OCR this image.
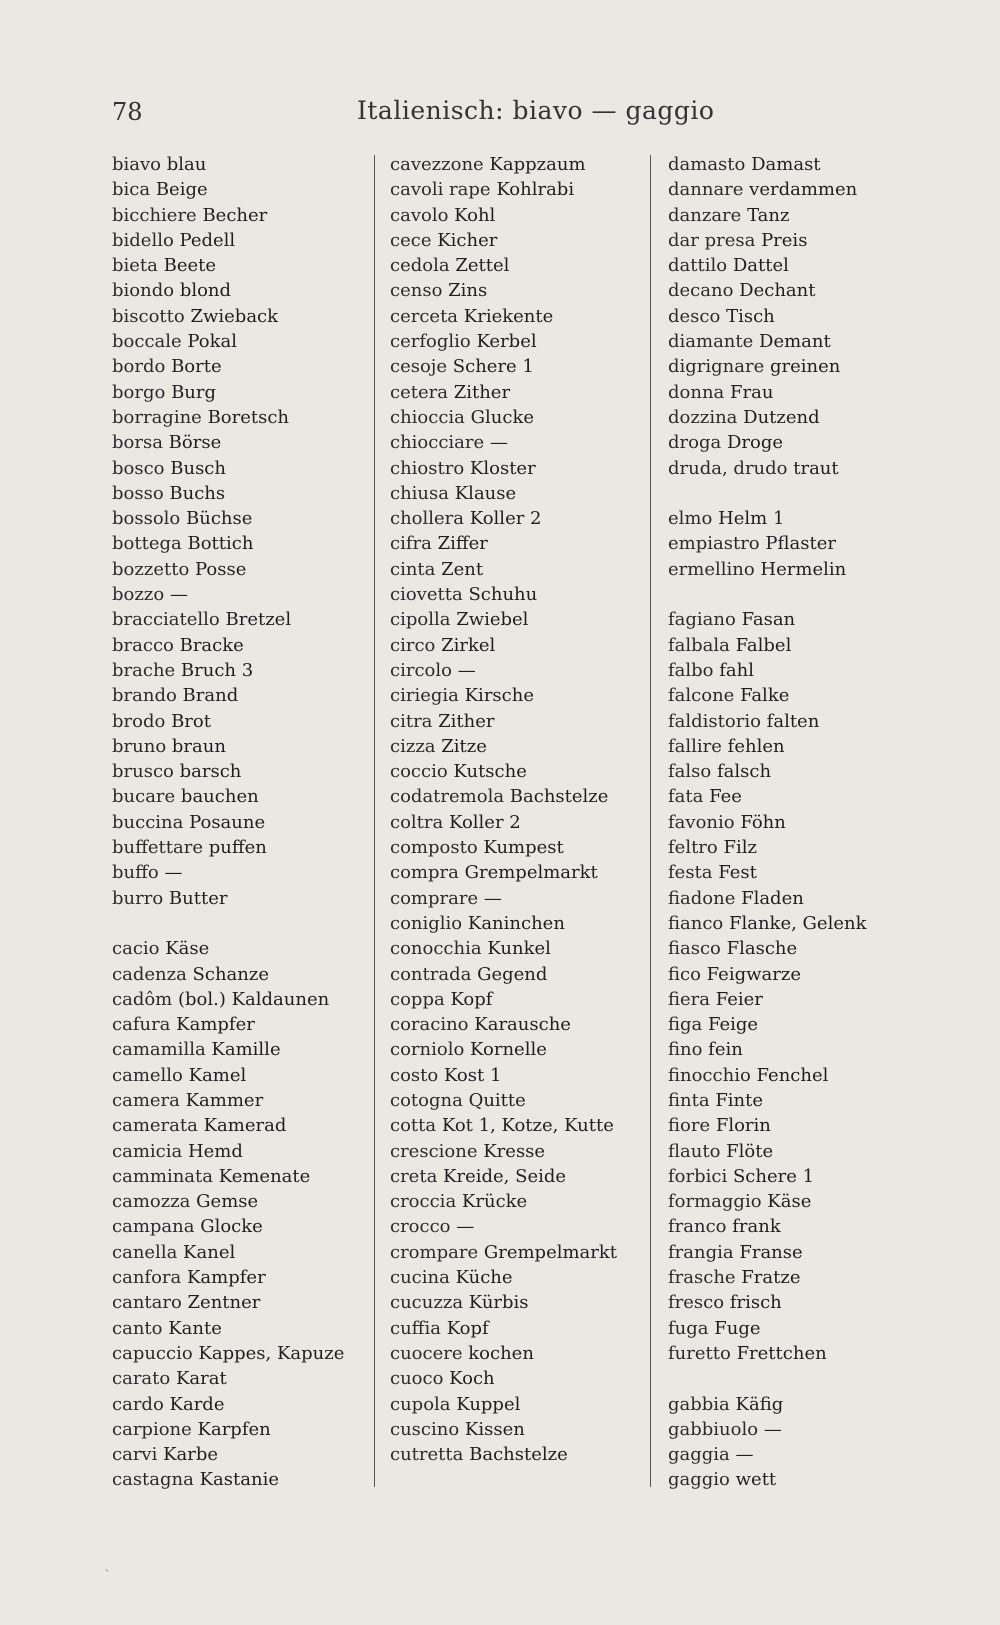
78	Italienisch: biavo — gaggio
biavo blau
bica Beige
bicchiere Becher
bidello Pedell
bieta Beete
biondo blond
biscotto Zwieback
boccale Pokal
bordo Borte
borgo Burg
borragine Boretsch
borsa Börse
bosco Busch
bosso Buchs
bossolo Büchse
bottega Bottich
bozzetto Posse
bozzo —
bracciatello Bretzel
bracco Bracke
brache Bruch 3
brando Brand
brodo Brot
bruno braun
brusco barsch
bucare bauchen
buccina Posaune
buffettare puffen
buffo —
burro Butter
cacio Käse
cadenza Schanze
cadôm (bol.) Kaldaunen
cafura Kampfer
camamilla Kamille
camello Kamel
camera Kammer
camerata Kamerad
camicia Hemd
camminata Kemenate
camozza Gemse
campana Glocke
canella Kanel
canfora Kampfer
cantaro Zentner
canto Kante
capuccio Kappes, Kapuze
carato Karat
cardo Karde
carpione Karpfen
carvi Karbe
castagna Kastanie
cavezzone Kappzaum
cavoli rape Kohlrabi
cavolo Kohl
cece Kicher
cedola Zettel
censo Zins
cerceta Kriekente
cerfoglio Kerbel
cesoje Schere 1
cetera Zither
chioccia Glucke
chiocciare —
chiostro Kloster
chiusa Klause
chollera Koller 2
cifra Ziffer
cinta Zent
ciovetta Schuhu
cipolla Zwiebel
circo Zirkel
circolo —
ciriegia Kirsche
citra Zither
cizza Zitze
coccio Kutsche
codatremola Bachstelze
coltra Koller 2
composto Kumpest
compra Grempelmarkt
comprare —
coniglio Kaninchen
conocchia Kunkel
contrada Gegend
coppa Kopf
coracino Karausche
corniolo Kornelle
costo Kost 1
cotogna Quitte
cotta Kot 1, Kotze, Kutte
crescione Kresse
creta Kreide, Seide
croccia Krücke
crocco —
crompare Grempelmarkt
cucina Küche
cucuzza Kürbis
cuffia Kopf
cuocere kochen
cuoco Koch
cupola Kuppel
cuscino Kissen
cutretta Bachstelze
damasto Damast
dannare verdammen
danzare Tanz
dar presa Preis
dattilo Dattel
decano Dechant
desco Tisch
diamante Demant
digrignare greinen
donna Frau
dozzina Dutzend
droga Droge
druda, drudo traut
elmo Helm 1
empiastro Pflaster
ermellino Hermelin
fagiano Fasan
falbala Falbel
falbo fahl
falcone Falke
faldistorio falten
fallire fehlen
falso falsch
fata Fee
favonio Föhn
feltro Filz
festa Fest
fiadone Fladen
fianco Flanke, Gelenk
fiasco Flasche
fico Feigwarze
fiera Feier
figa Feige
fino fein
finocchio Fenchel
finta Finte
fiore Florin
flauto Flöte
forbici Schere 1
formaggio Käse
franco frank
frangia Franse
frasche Fratze
fresco frisch
fuga Fuge
furetto Frettchen
gabbia Käfig
gabbiuolo —
gaggia —
gaggio wett
ˏ
